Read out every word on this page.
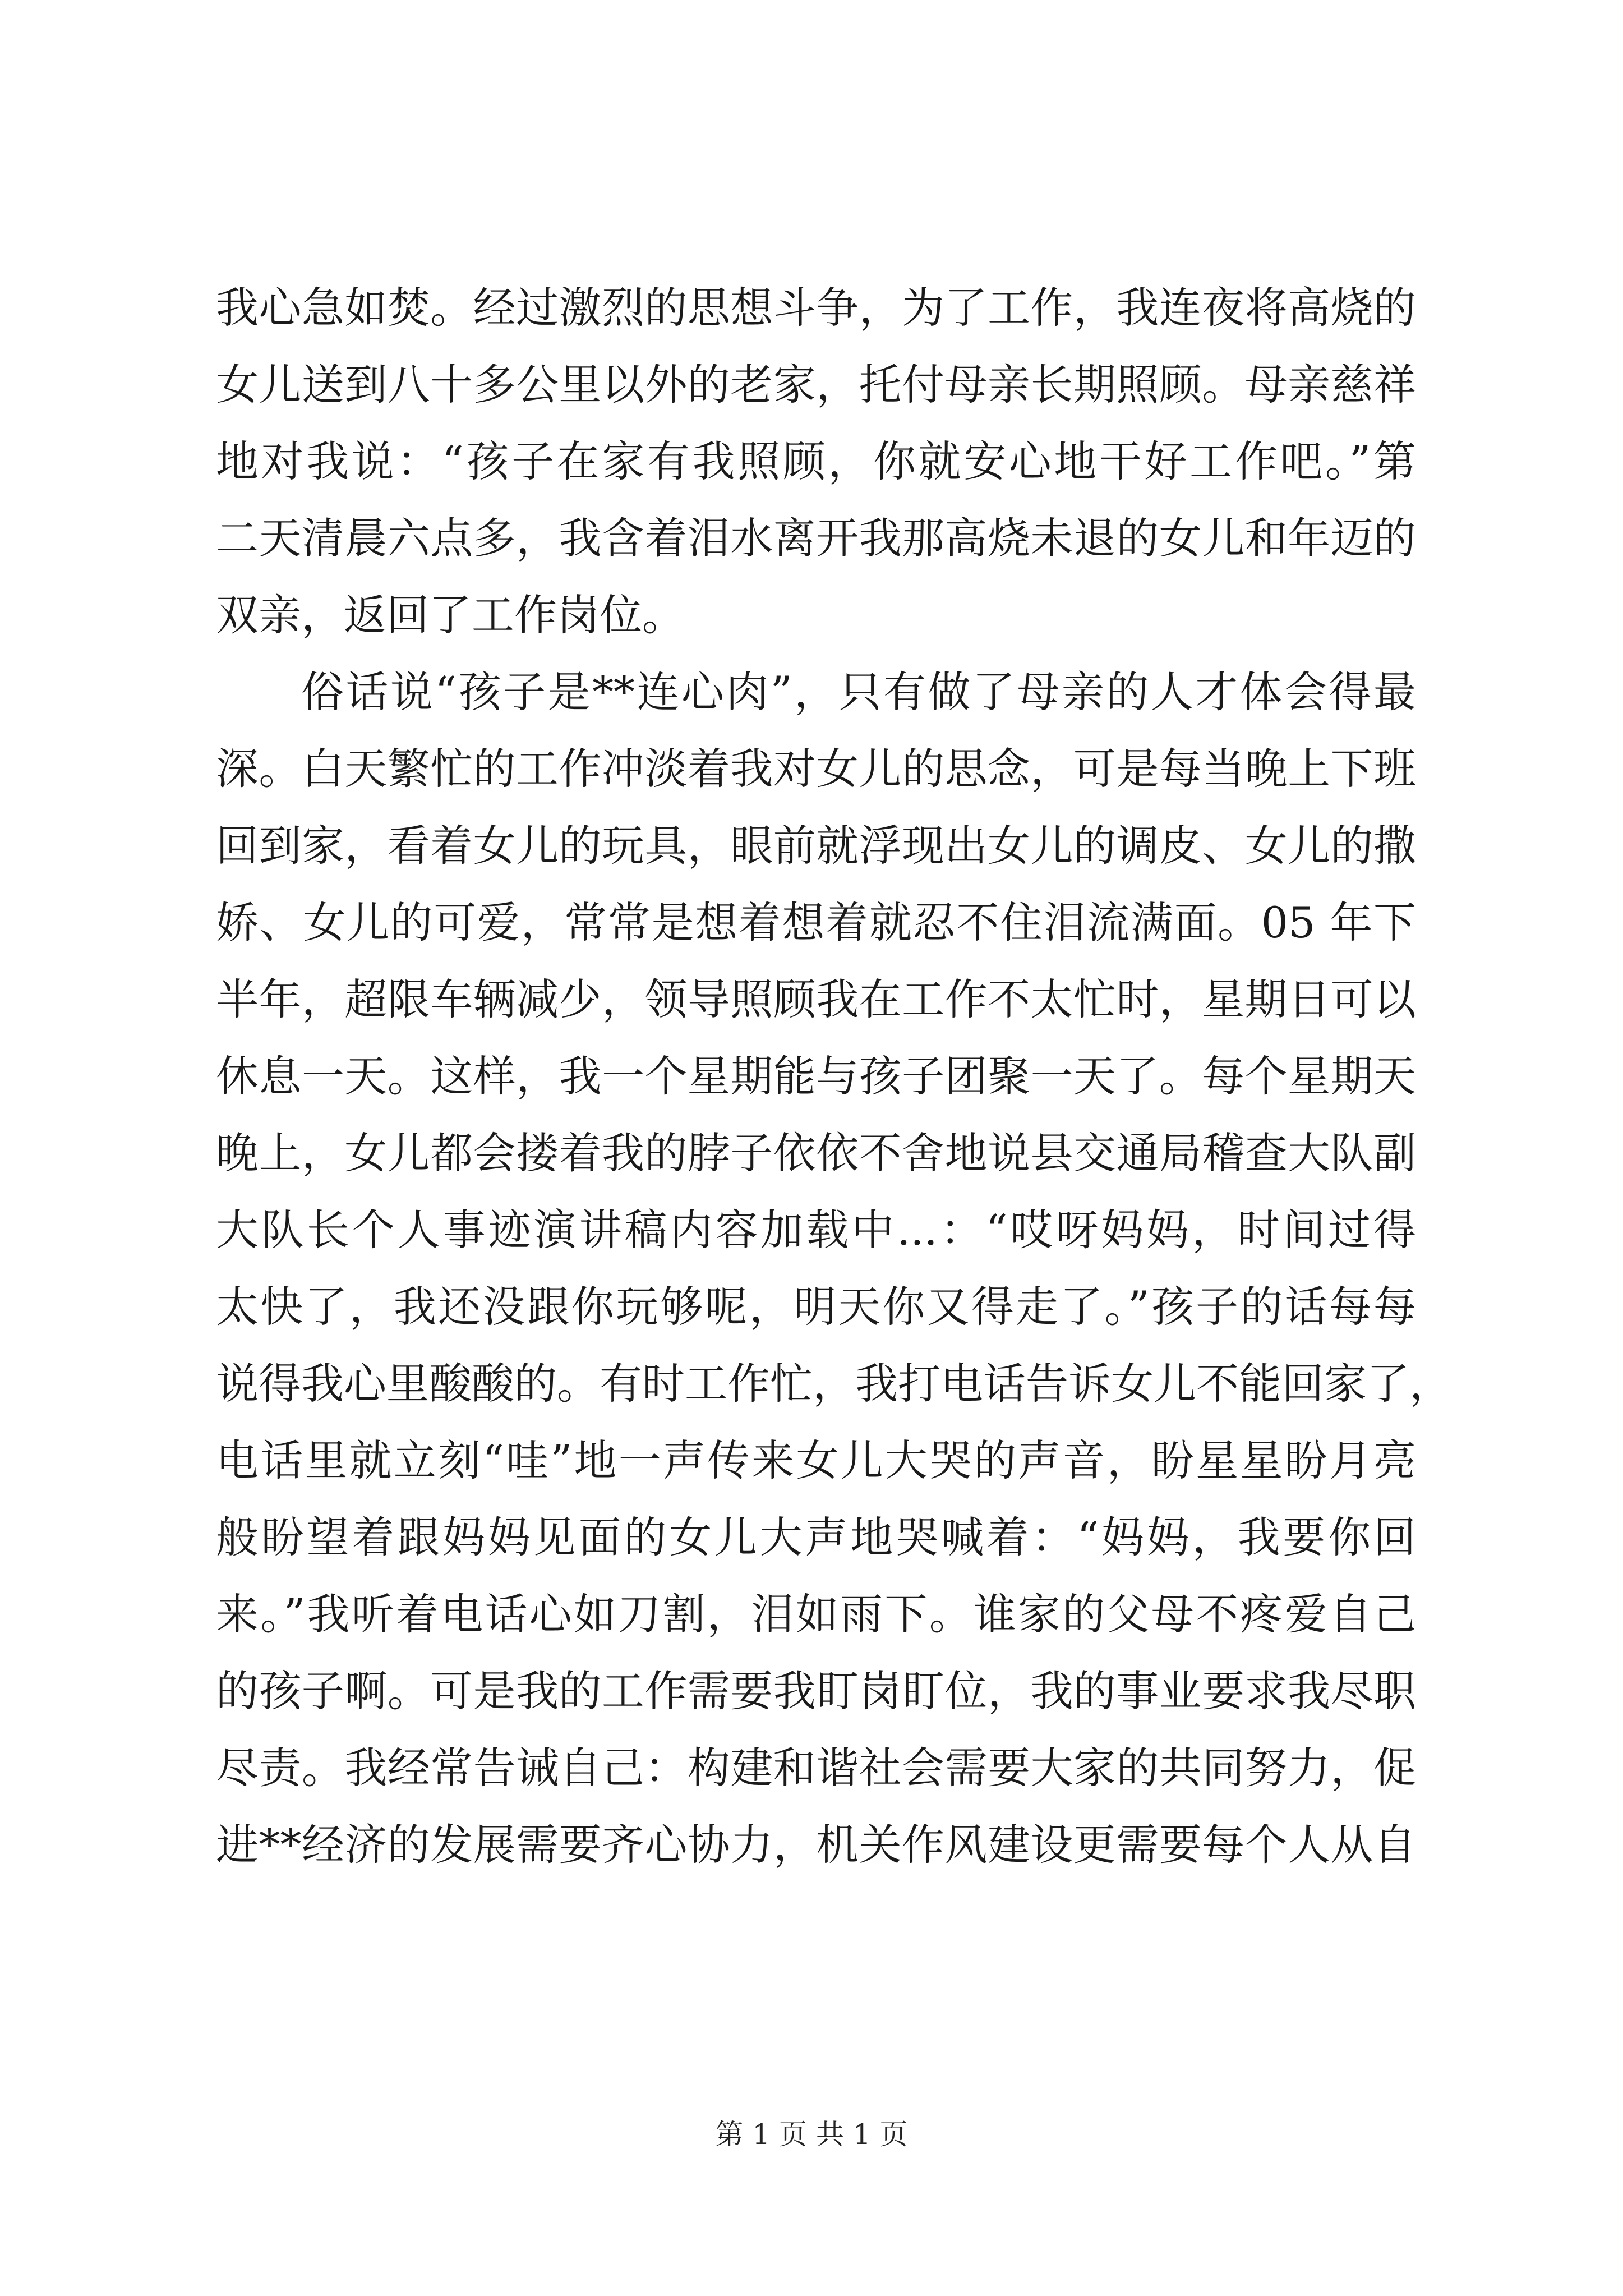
我心急如焚。经过激烈的思想斗争，为了工作，我连夜将高烧的
女儿送到八十多公里以外的老家，托付母亲长期照顾。母亲慈祥
地对我说：“孩子在家有我照顾，你就安心地干好工作吧。”第
二天清晨六点多，我含着泪水离开我那高烧未退的女儿和年迈的
双亲，返回了工作岗位。
俗话说“孩子是**连心肉”，只有做了母亲的人才体会得最
深。白天繁忙的工作冲淡着我对女儿的思念，可是每当晚上下班
回到家，看着女儿的玩具，眼前就浮现出女儿的调皮、女儿的撒
娇、女儿的可爱，常常是想着想着就忍不住泪流满面。05 年下
半年，超限车辆减少，领导照顾我在工作不太忙时，星期日可以
休息一天。这样，我一个星期能与孩子团聚一天了。每个星期天
晚上，女儿都会搂着我的脖子依依不舍地说县交通局稽查大队副
大队长个人事迹演讲稿内容加载中...：“哎呀妈妈，时间过得
太快了，我还没跟你玩够呢，明天你又得走了。”孩子的话每每
说得我心里酸酸的。有时工作忙，我打电话告诉女儿不能回家了，
电话里就立刻“哇”地一声传来女儿大哭的声音，盼星星盼月亮
般盼望着跟妈妈见面的女儿大声地哭喊着：“妈妈，我要你回
来。”我听着电话心如刀割，泪如雨下。谁家的父母不疼爱自己
的孩子啊。可是我的工作需要我盯岗盯位，我的事业要求我尽职
尽责。我经常告诫自己：构建和谐社会需要大家的共同努力，促
进**经济的发展需要齐心协力，机关作风建设更需要每个人从自
第 1 页 共 1 页
